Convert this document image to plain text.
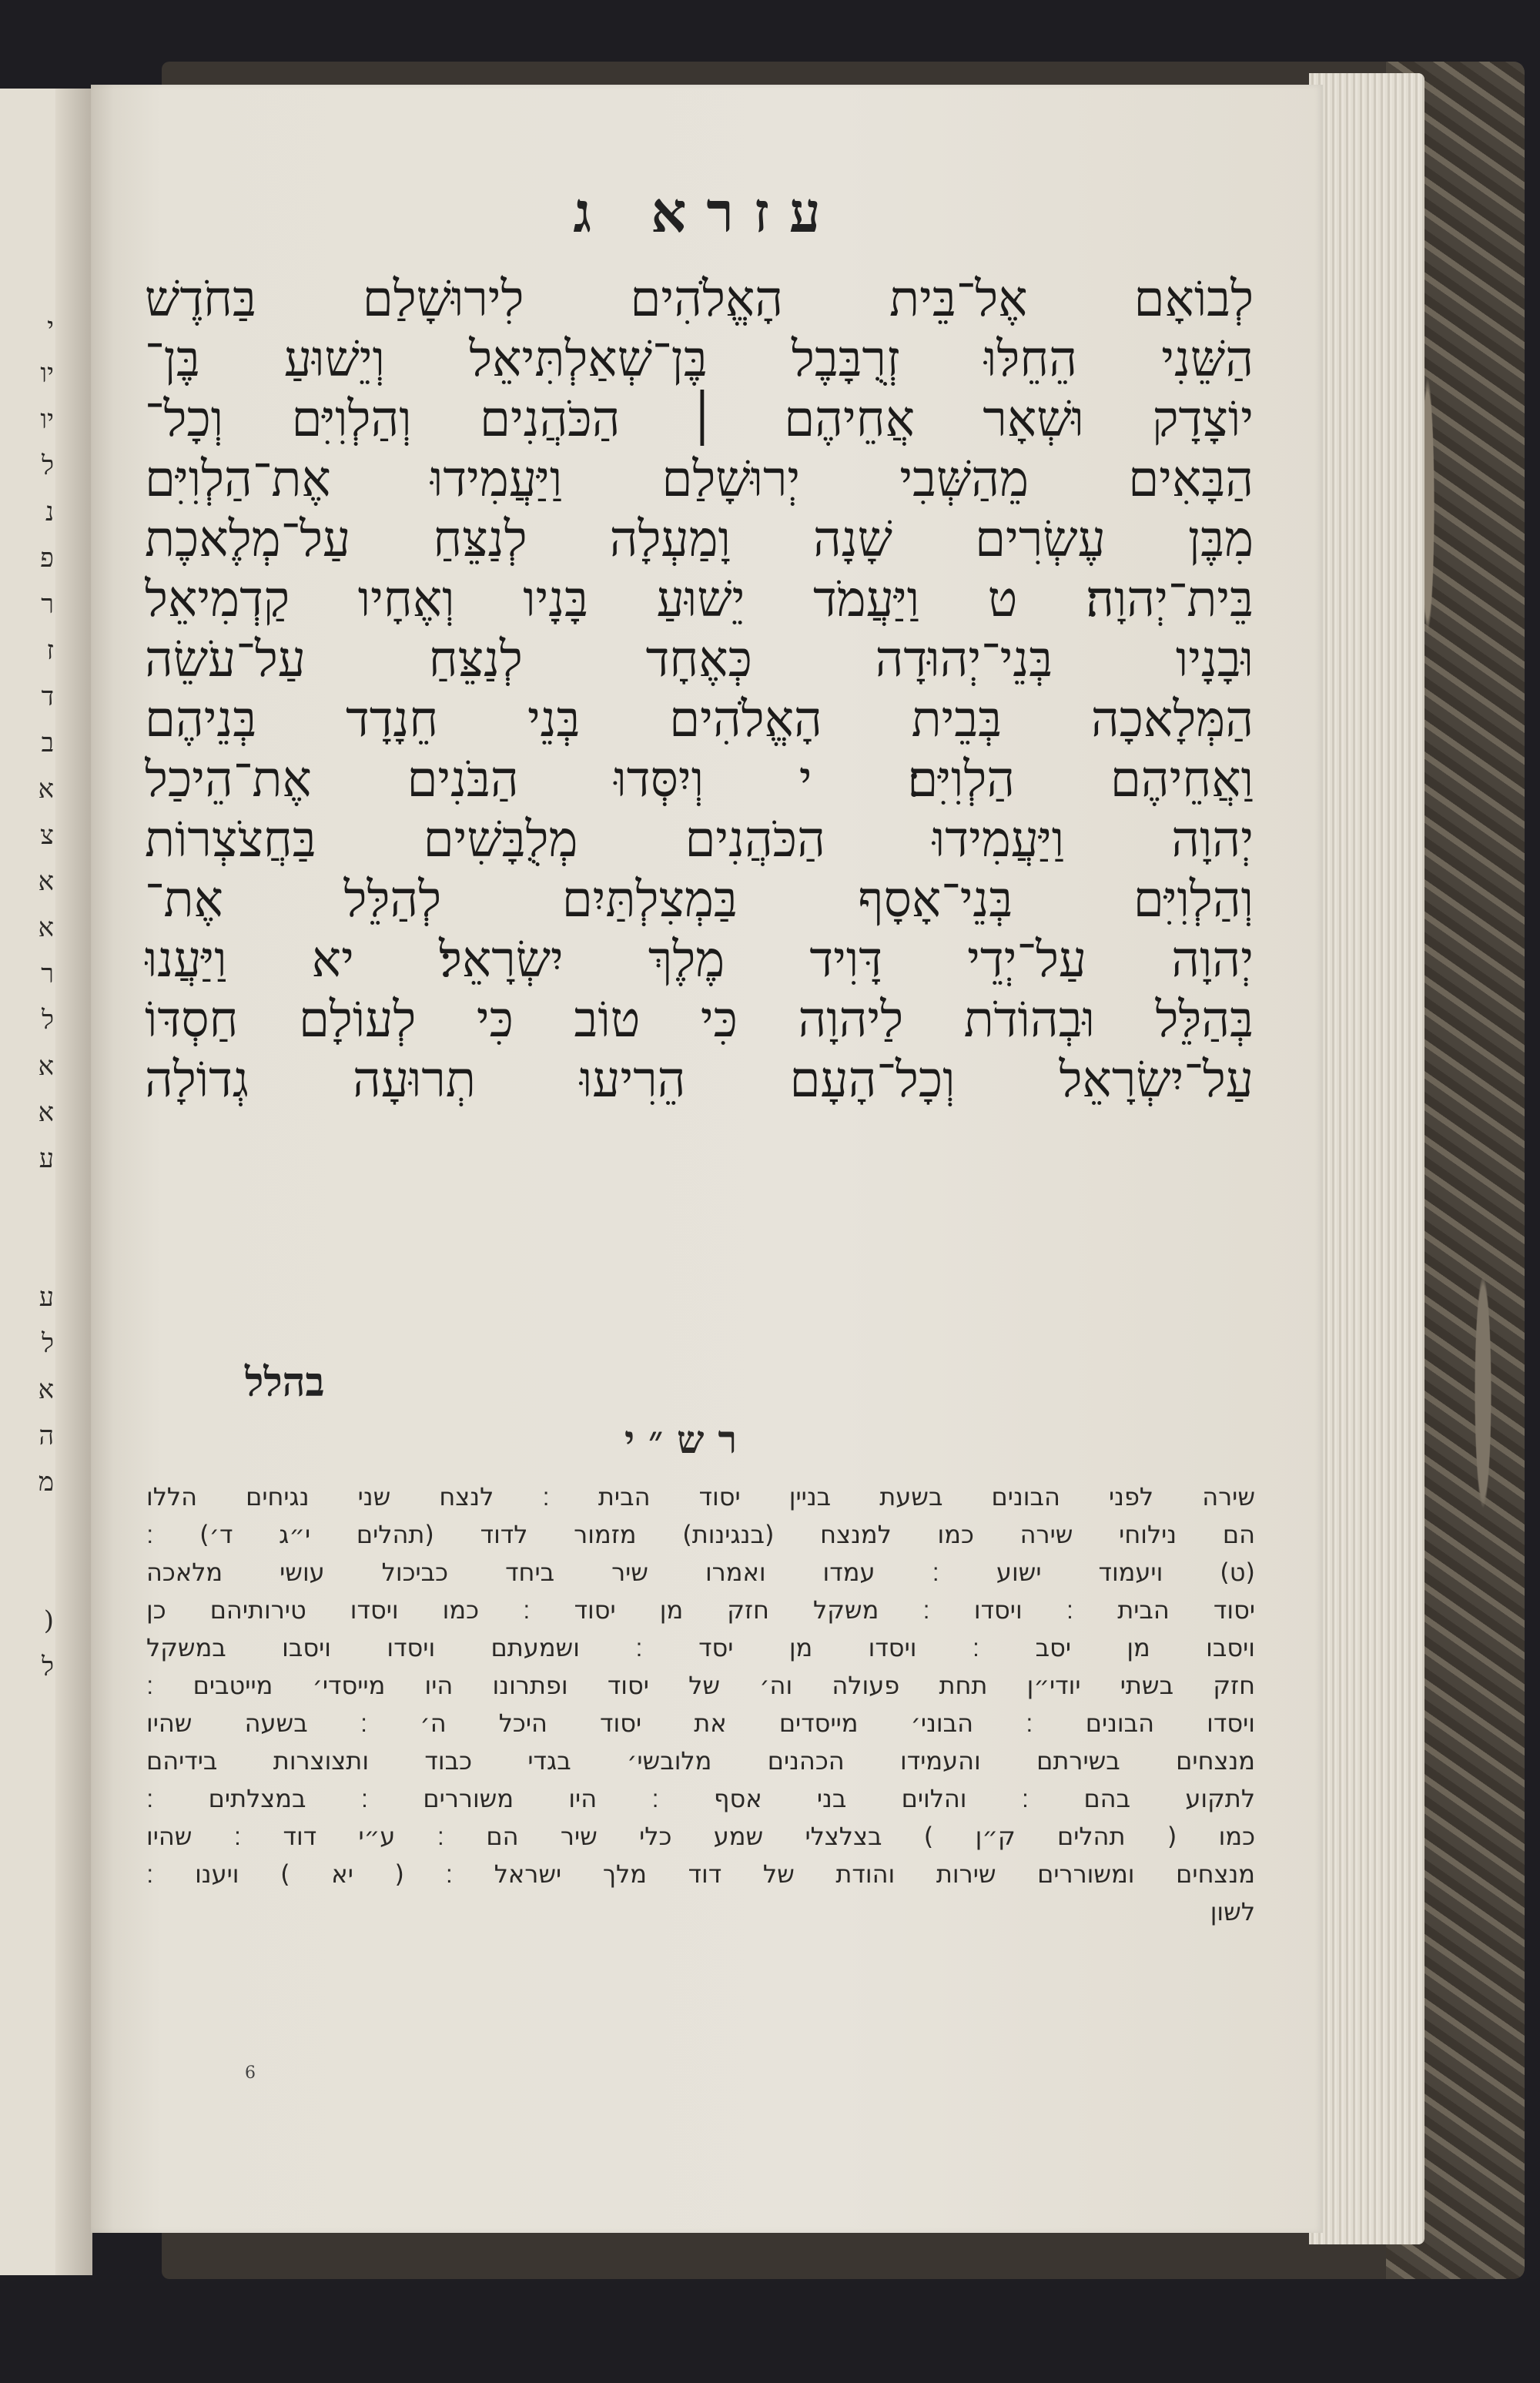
י
יו
יו
ל
נ
פ
ר
ז
ד
ב
א
צ
א
א
ר
ל
א
א
ע
ע
ל
א
ה
מ
(
ל
עזרא ג
לְבוֹאָם אֶל־בֵּית הָאֱלֹהִים לִירוּשָׁלַם בַּחֹדֶשׁ
הַשֵּׁנִי הֵחֵלּוּ זְרֻבָּבֶל בֶּן־שְׁאַלְתִּיאֵל וְיֵשׁוּעַ בֶּן־
יוֹצָדָק וּשְׁאָר אֲחֵיהֶם ׀ הַכֹּהֲנִים וְהַלְוִיִּם וְכָל־
הַבָּאִים מֵהַשְּׁבִי יְרוּשָׁלַם וַיַּעֲמִידוּ אֶת־הַלְוִיִּם
מִבֶּן עֶשְׂרִים שָׁנָה וָמַעְלָה לְנַצֵּחַ עַל־מְלֶאכֶת
בֵּית־יְהוָה׃ ט וַיַּעֲמֹד יֵשׁוּעַ בָּנָיו וְאֶחָיו קַדְמִיאֵל
וּבָנָיו בְּנֵי־יְהוּדָה כְּאֶחָד לְנַצֵּחַ עַל־עֹשֵׂה
הַמְּלָאכָה בְּבֵית הָאֱלֹהִים בְּנֵי חֵנָדָד בְּנֵיהֶם
וַאֲחֵיהֶם הַלְוִיִּם׃ י וְיִסְּדוּ הַבֹּנִים אֶת־הֵיכַל
יְהוָה וַיַּעֲמִידוּ הַכֹּהֲנִים מְלֻבָּשִׁים בַּחֲצֹצְרוֹת
וְהַלְוִיִּם בְּנֵי־אָסָף בַּמְצִלְתַּיִם לְהַלֵּל אֶת־
יְהוָה עַל־יְדֵי דָּוִיד מֶלֶךְ יִשְׂרָאֵל׃ יא וַיַּעֲנוּ
בְּהַלֵּל וּבְהוֹדֹת לַיהוָה כִּי טוֹב כִּי לְעוֹלָם חַסְדּוֹ
עַל־יִשְׂרָאֵל וְכָל־הָעָם הֵרִיעוּ תְרוּעָה גְדוֹלָה
בהלל
רש״י
שירה לפני הבונים בשעת בניין יסוד הבית ׃ לנצח שני נגיחים הללו
הם נילוחי שירה כמו למנצח (בנגינות) מזמור לדוד (תהלים י״ג ד׳) ׃
(ט) ויעמוד ישוע ׃ עמדו ואמרו שיר ביחד כביכול עושי מלאכה
יסוד הבית ׃ ויסדו ׃ משקל חזק מן יסוד ׃ כמו ויסדו טירותיהם כן
ויסבו מן יסב ׃ ויסדו מן יסד ׃ ושמעתם ויסדו ויסבו במשקל
חזק בשתי יודי״ן תחת פעולה וה׳ של יסוד ופתרונו היו מייסדי׳ מייטבים ׃
ויסדו הבונים ׃ הבוני׳ מייסדים את יסוד היכל ה׳ ׃ בשעה שהיו
מנצחים בשירתם והעמידו הכהנים מלובשי׳ בגדי כבוד ותצוצרות בידיהם
לתקוע בהם ׃ והלוים בני אסף ׃ היו משוררים ׃ במצלתים ׃
כמו ( תהלים ק״ן ) בצלצלי שמע כלי שיר הם ׃ ע״י דוד ׃ שהיו
מנצחים ומשוררים שירות והודת של דוד מלך ישראל ׃ ( יא ) ויענו ׃
לשון
6
